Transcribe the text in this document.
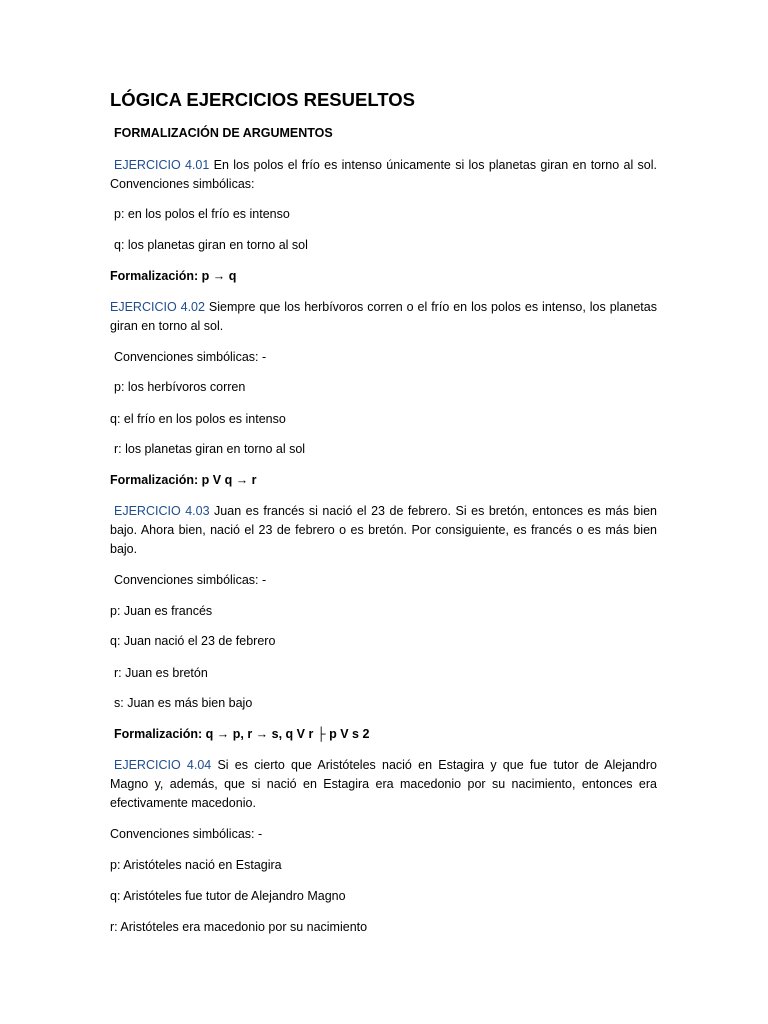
LÓGICA EJERCICIOS RESUELTOS
FORMALIZACIÓN DE ARGUMENTOS
EJERCICIO 4.01 En los polos el frío es intenso únicamente si los planetas giran en torno al sol. Convenciones simbólicas:
p: en los polos el frío es intenso
q: los planetas giran en torno al sol
Formalización: p → q
EJERCICIO 4.02 Siempre que los herbívoros corren o el frío en los polos es intenso, los planetas giran en torno al sol.
Convenciones simbólicas: -
p: los herbívoros corren
q: el frío en los polos es intenso
r: los planetas giran en torno al sol
Formalización: p V q → r
EJERCICIO 4.03 Juan es francés si nació el 23 de febrero. Si es bretón, entonces es más bien bajo. Ahora bien, nació el 23 de febrero o es bretón. Por consiguiente, es francés o es más bien bajo.
Convenciones simbólicas: -
p: Juan es francés
q: Juan nació el 23 de febrero
r: Juan es bretón
s: Juan es más bien bajo
Formalización: q → p, r → s, q V r ├ p V s 2
EJERCICIO 4.04 Si es cierto que Aristóteles nació en Estagira y que fue tutor de Alejandro Magno y, además, que si nació en Estagira era macedonio por su nacimiento, entonces era efectivamente macedonio.
Convenciones simbólicas: -
p: Aristóteles nació en Estagira
q: Aristóteles fue tutor de Alejandro Magno
r: Aristóteles era macedonio por su nacimiento
